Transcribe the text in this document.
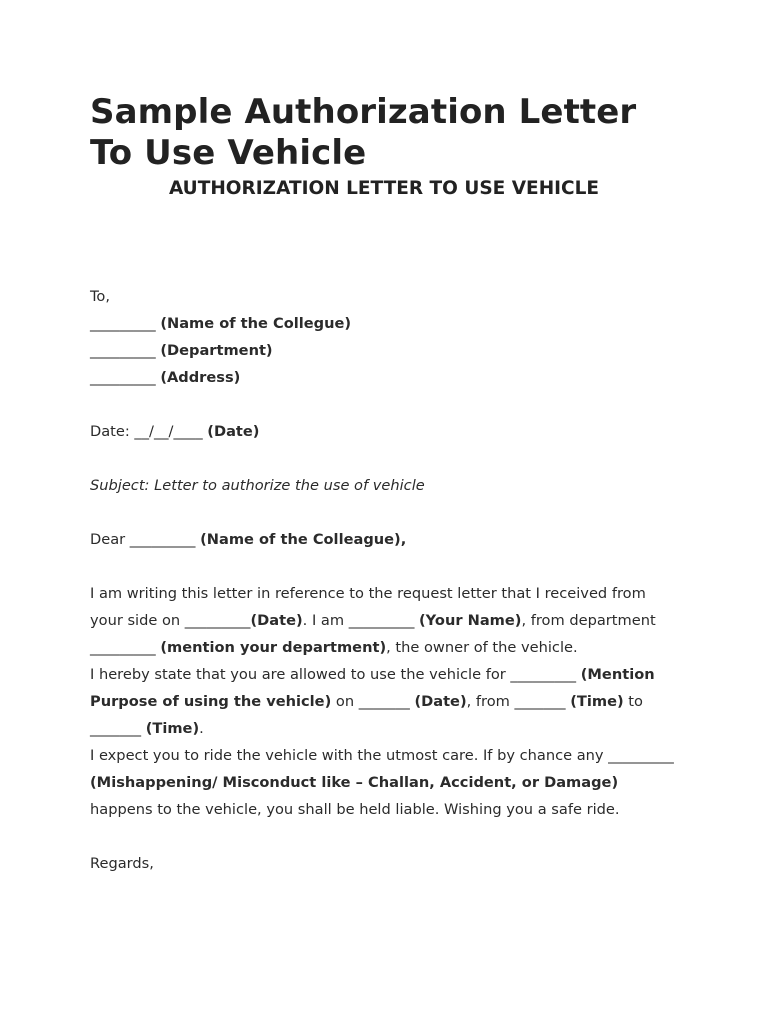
Sample Authorization Letter To Use Vehicle
AUTHORIZATION LETTER TO USE VEHICLE

To,

_________ (Name of the Collegue)

_________ (Department)

_________ (Address)

Date: __/__/____ (Date)

Subject: Letter to authorize the use of vehicle

Dear _________ (Name of the Colleague),

I am writing this letter in reference to the request letter that I received from your side on _________(Date). I am _________ (Your Name), from department _________ (mention your department), the owner of the vehicle.

I hereby state that you are allowed to use the vehicle for _________ (Mention Purpose of using the vehicle) on _______ (Date), from _______ (Time) to _______ (Time).

I expect you to ride the vehicle with the utmost care. If by chance any _________ (Mishappening/ Misconduct like – Challan, Accident, or Damage) happens to the vehicle, you shall be held liable. Wishing you a safe ride.

Regards,
